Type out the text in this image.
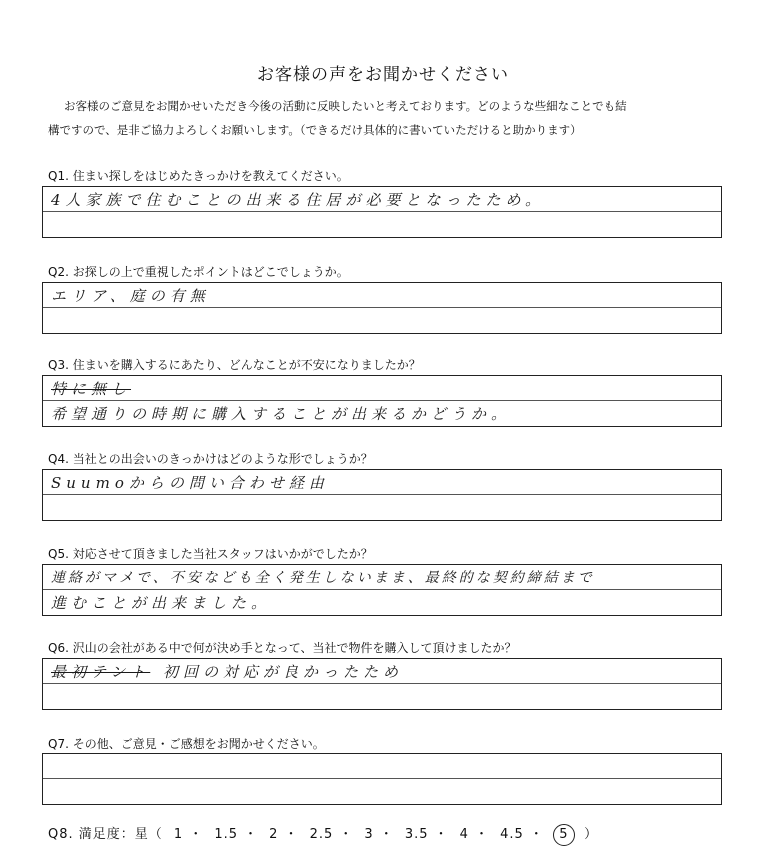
お客様の声をお聞かせください
お客様のご意見をお聞かせいただき今後の活動に反映したいと考えております。どのような些細なことでも結
構ですので、是非ご協力よろしくお願いします。（できるだけ具体的に書いていただけると助かります）
Q1. 住まい探しをはじめたきっかけを教えてください。
4人家族で住むことの出来る住居が必要となったため。
Q2. お探しの上で重視したポイントはどこでしょうか。
エリア、庭の有無
Q3. 住まいを購入するにあたり、どんなことが不安になりましたか？
特に無し
希望通りの時期に購入することが出来るかどうか。
Q4. 当社との出会いのきっかけはどのような形でしょうか？
Suumoからの問い合わせ経由
Q5. 対応させて頂きました当社スタッフはいかがでしたか？
連絡がマメで、不安なども全く発生しないまま、最終的な契約締結まで
進むことが出来ました。
Q6. 沢山の会社がある中で何が決め手となって、当社で物件を購入して頂けましたか？
最初テント 初回の対応が良かったため
Q7. その他、ご意見・ご感想をお聞かせください。
Q8. 満足度：星（ 1 ・ 1.5 ・ 2 ・ 2.5 ・ 3 ・ 3.5 ・ 4 ・ 4.5 ・ 5 ）
